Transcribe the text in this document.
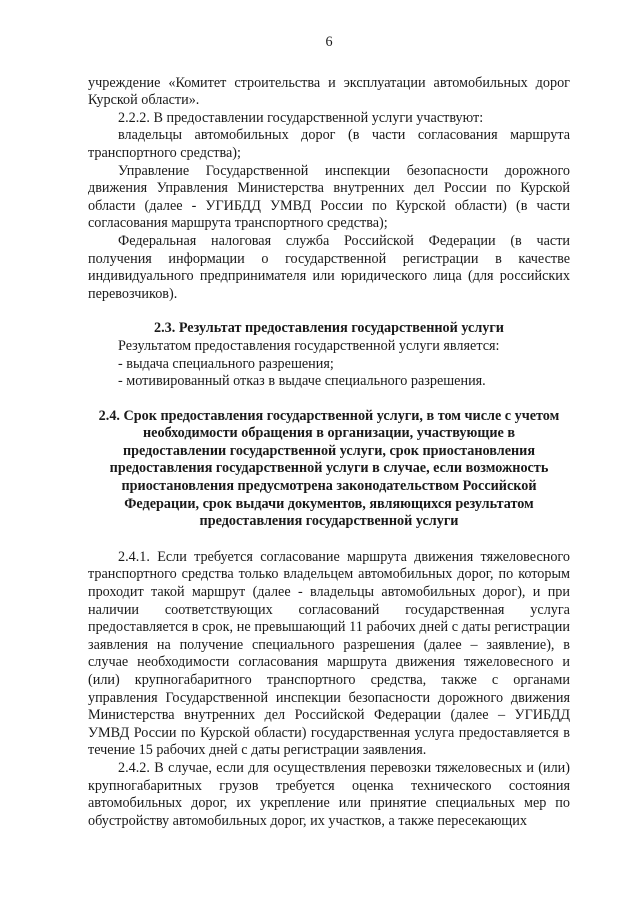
6

учреждение «Комитет строительства и эксплуатации автомобильных дорог Курской области».

2.2.2. В предоставлении государственной услуги участвуют:

владельцы автомобильных дорог (в части согласования маршрута транспортного средства);

Управление Государственной инспекции безопасности дорожного движения Управления Министерства внутренних дел России по Курской области (далее - УГИБДД УМВД России по Курской области) (в части согласования маршрута транспортного средства);

Федеральная налоговая служба Российской Федерации (в части получения информации о государственной регистрации в качестве индивидуального предпринимателя или юридического лица (для российских перевозчиков).

2.3. Результат предоставления государственной услуги

Результатом предоставления государственной услуги является:

- выдача специального разрешения;

- мотивированный отказ в выдаче специального разрешения.

2.4. Срок предоставления государственной услуги, в том числе с учетом необходимости обращения в организации, участвующие в предоставлении государственной услуги, срок приостановления предоставления государственной услуги в случае, если возможность приостановления предусмотрена законодательством Российской Федерации, срок выдачи документов, являющихся результатом предоставления государственной услуги

2.4.1. Если требуется согласование маршрута движения тяжеловесного транспортного средства только владельцем автомобильных дорог, по которым проходит такой маршрут (далее - владельцы автомобильных дорог), и при наличии соответствующих согласований государственная услуга предоставляется в срок, не превышающий 11 рабочих дней с даты регистрации заявления на получение специального разрешения (далее – заявление), в случае необходимости согласования маршрута движения тяжеловесного и (или) крупногабаритного транспортного средства, также с органами управления Государственной инспекции безопасности дорожного движения Министерства внутренних дел Российской Федерации (далее – УГИБДД УМВД России по Курской области) государственная услуга предоставляется в течение 15 рабочих дней с даты регистрации заявления.

2.4.2. В случае, если для осуществления перевозки тяжеловесных и (или) крупногабаритных грузов требуется оценка технического состояния автомобильных дорог, их укрепление или принятие специальных мер по обустройству автомобильных дорог, их участков, а также пересекающих
